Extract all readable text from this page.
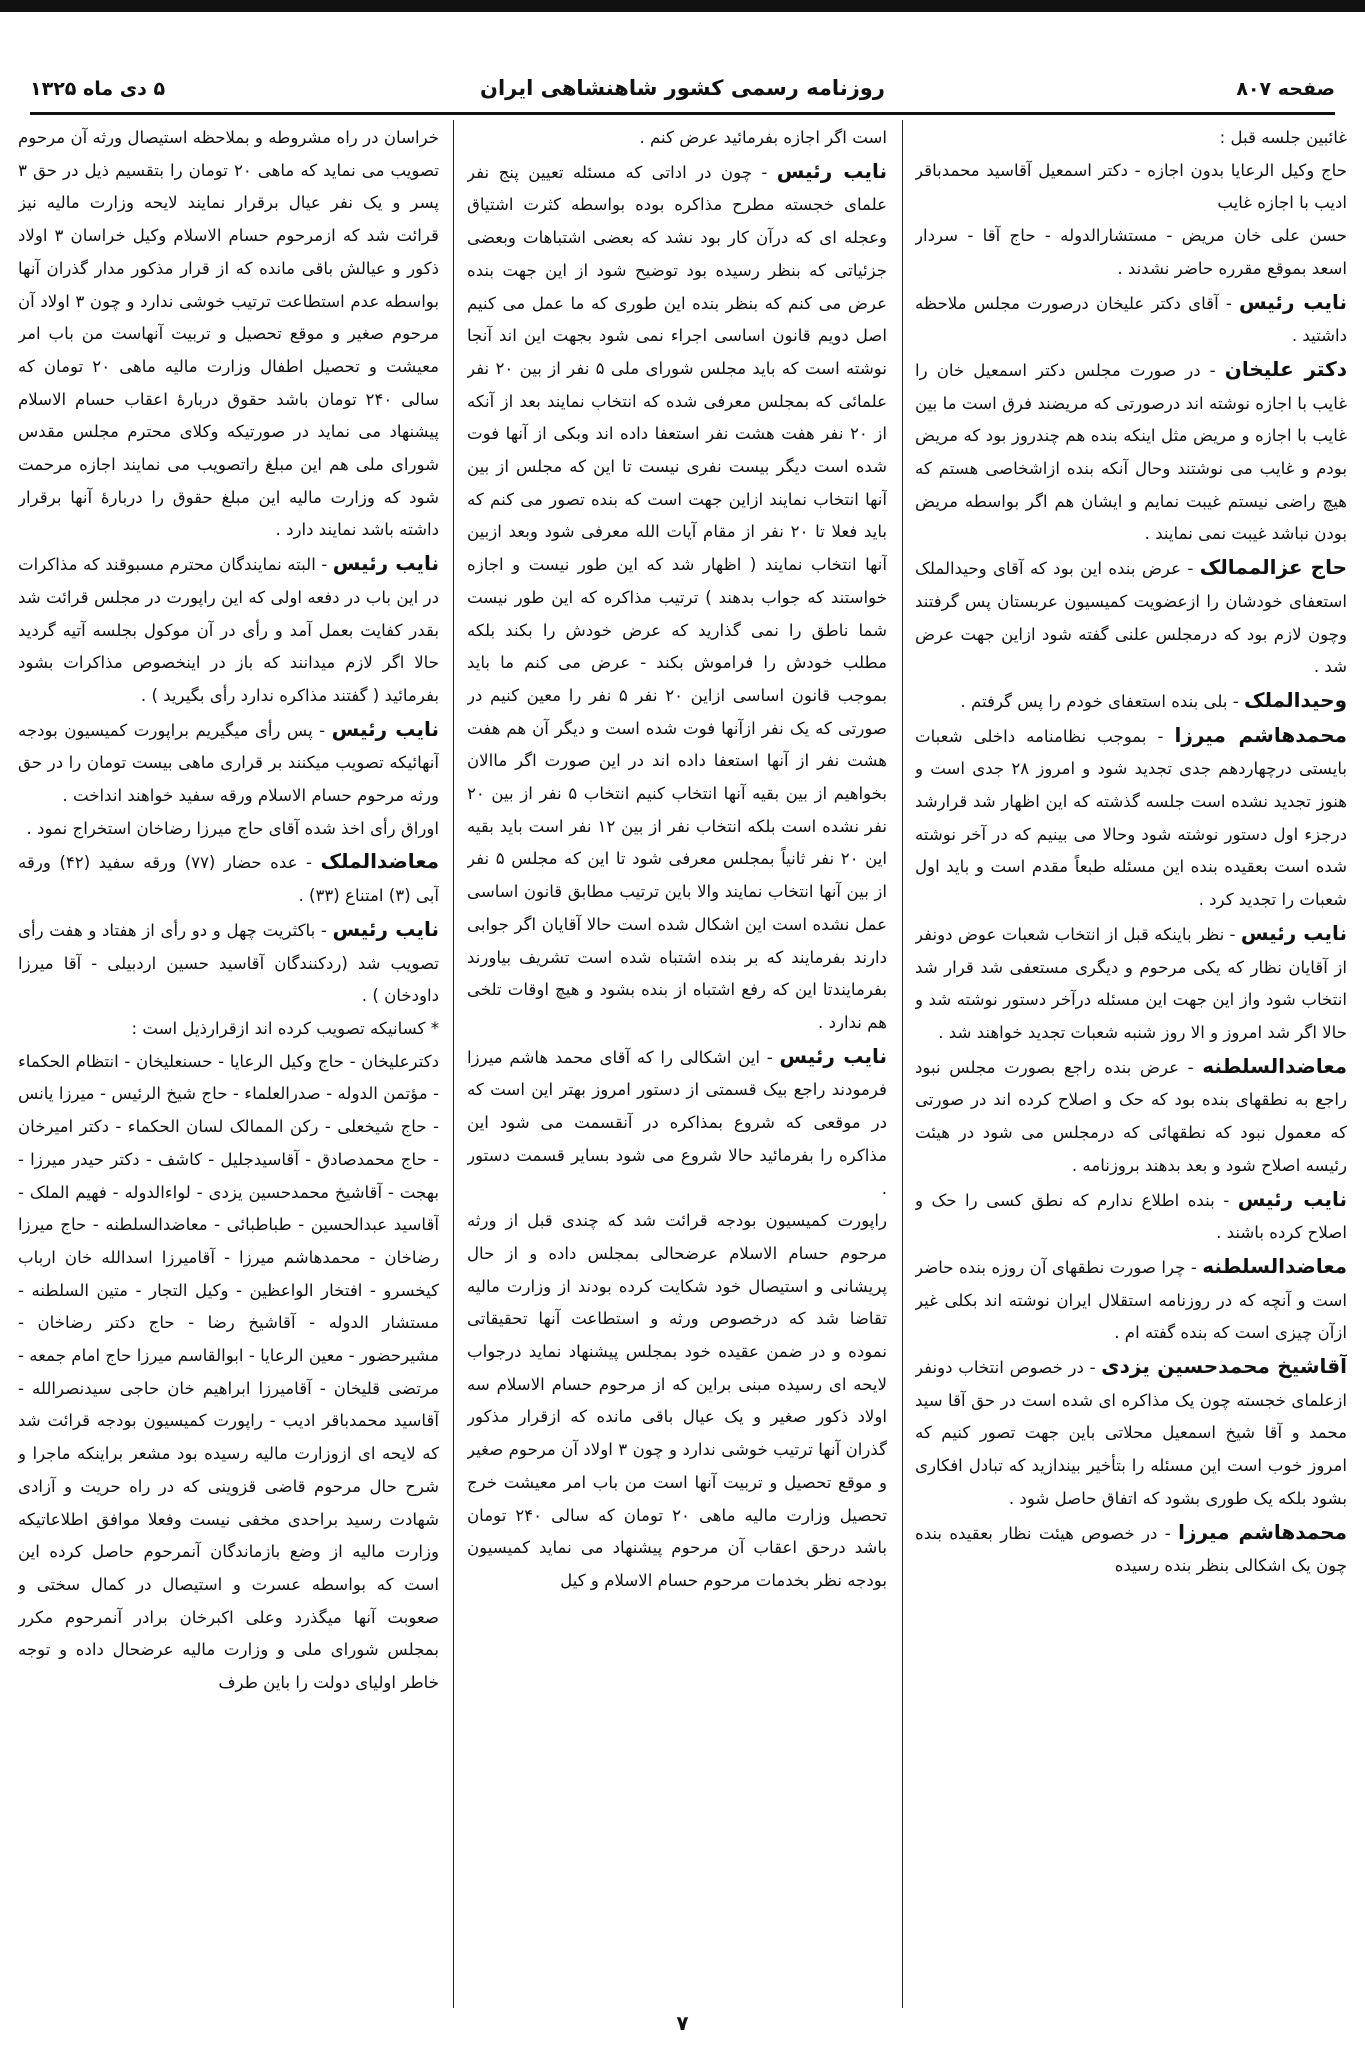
صفحه ۸۰۷
روزنامه رسمی کشور شاهنشاهی ایران
۵ دی ماه ۱۳۲۵

غائبین جلسه قبل :

حاج وکیل الرعایا بدون اجازه - دکتر اسمعیل آقاسید محمدباقر ادیب با اجازه غایب

حسن علی خان مریض - مستشارالدوله - حاج آقا - سردار اسعد بموقع مقرره حاضر نشدند .

نایب رئیس - آقای دکتر علیخان درصورت مجلس ملاحظه داشتید .

دکتر علیخان - در صورت مجلس دکتر اسمعیل خان را غایب با اجازه نوشته اند درصورتی که مریضند فرق است ما بین غایب با اجازه و مریض مثل اینکه بنده هم چندروز بود که مریض بودم و غایب می نوشتند وحال آنکه بنده ازاشخاصی هستم که هیچ راضی نیستم غیبت نمایم و ایشان هم اگر بواسطه مریض بودن نباشد غیبت نمی نمایند .

حاج عزالممالک - عرض بنده این بود که آقای وحیدالملک استعفای خودشان را ازعضویت کمیسیون عربستان پس گرفتند وچون لازم بود که درمجلس علنی گفته شود ازاین جهت عرض شد .

وحیدالملک - بلی بنده استعفای خودم را پس گرفتم .

محمدهاشم میرزا - بموجب نظامنامه داخلی شعبات بایستی درچهاردهم جدی تجدید شود و امروز ۲۸ جدی است و هنوز تجدید نشده است جلسه گذشته که این اظهار شد قرارشد درجزء اول دستور نوشته شود وحالا می بینیم که در آخر نوشته شده است بعقیده بنده این مسئله طبعاً مقدم است و باید اول شعبات را تجدید کرد .

نایب رئیس - نظر باینکه قبل از انتخاب شعبات عوض دونفر از آقایان نظار که یکی مرحوم و دیگری مستعفی شد قرار شد انتخاب شود واز این جهت این مسئله درآخر دستور نوشته شد و حالا اگر شد امروز و الا روز شنبه شعبات تجدید خواهند شد .

معاضدالسلطنه - عرض بنده راجع بصورت مجلس نبود راجع به نطقهای بنده بود که حک و اصلاح کرده اند در صورتی که معمول نبود که نطقهائی که درمجلس می شود در هیئت رئیسه اصلاح شود و بعد بدهند بروزنامه .

نایب رئیس - بنده اطلاع ندارم که نطق کسی را حک و اصلاح کرده باشند .

معاضدالسلطنه - چرا صورت نطقهای آن روزه بنده حاضر است و آنچه که در روزنامه استقلال ایران نوشته اند بکلی غیر ازآن چیزی است که بنده گفته ام .

آقاشیخ محمدحسین یزدی - در خصوص انتخاب دونفر ازعلمای خجسته چون یک مذاکره ای شده است در حق آقا سید محمد و آقا شیخ اسمعیل محلاتی باین جهت تصور کنیم که امروز خوب است این مسئله را بتأخیر بیندازید که تبادل افکاری بشود بلکه یک طوری بشود که اتفاق حاصل شود .

محمدهاشم میرزا - در خصوص هیئت نظار بعقیده بنده چون یک اشکالی بنظر بنده رسیده

است اگر اجازه بفرمائید عرض کنم .

نایب رئیس - چون در اداتی که مسئله تعیین پنج نفر علمای خجسته مطرح مذاکره بوده بواسطه کثرت اشتیاق وعجله ای که درآن کار بود نشد که بعضی اشتباهات وبعضی جزئیاتی که بنظر رسیده بود توضیح شود از این جهت بنده عرض می کنم که بنظر بنده این طوری که ما عمل می کنیم اصل دویم قانون اساسی اجراء نمی شود بجهت این اند آنجا نوشته است که باید مجلس شورای ملی ۵ نفر از بین ۲۰ نفر علمائی که بمجلس معرفی شده که انتخاب نمایند بعد از آنکه از ۲۰ نفر هفت هشت نفر استعفا داده اند وبکی از آنها فوت شده است دیگر بیست نفری نیست تا این که مجلس از بین آنها انتخاب نمایند ازاین جهت است که بنده تصور می کنم که باید فعلا تا ۲۰ نفر از مقام آیات الله معرفی شود وبعد ازبین آنها انتخاب نمایند ( اظهار شد که این طور نیست و اجازه خواستند که جواب بدهند ) ترتیب مذاکره که این طور نیست شما ناطق را نمی گذارید که عرض خودش را بکند بلکه مطلب خودش را فراموش بکند - عرض می کنم ما باید بموجب قانون اساسی ازاین ۲۰ نفر ۵ نفر را معین کنیم در صورتی که یک نفر ازآنها فوت شده است و دیگر آن هم هفت هشت نفر از آنها استعفا داده اند در این صورت اگر ماالان بخواهیم از بین بقیه آنها انتخاب کنیم انتخاب ۵ نفر از بین ۲۰ نفر نشده است بلکه انتخاب نفر از بین ۱۲ نفر است باید بقیه این ۲۰ نفر ثانیاً بمجلس معرفی شود تا این که مجلس ۵ نفر از بین آنها انتخاب نمایند والا باین ترتیب مطابق قانون اساسی عمل نشده است این اشکال شده است حالا آقایان اگر جوابی دارند بفرمایند که بر بنده اشتباه شده است تشریف بیاورند بفرمایندتا این که رفع اشتباه از بنده بشود و هیچ اوقات تلخی هم ندارد .

نایب رئیس - این اشکالی را که آقای محمد هاشم میرزا فرمودند راجع بیک قسمتی از دستور امروز بهتر این است که در موقعی که شروع بمذاکره در آنقسمت می شود این مذاکره را بفرمائید حالا شروع می شود بسایر قسمت دستور .

راپورت کمیسیون بودجه قرائت شد که چندی قبل از ورثه مرحوم حسام الاسلام عرضحالی بمجلس داده و از حال پریشانی و استیصال خود شکایت کرده بودند از وزارت مالیه تقاضا شد که درخصوص ورثه و استطاعت آنها تحقیقاتی نموده و در ضمن عقیده خود بمجلس پیشنهاد نماید درجواب لایحه ای رسیده مبنی براین که از مرحوم حسام الاسلام سه اولاد ذکور صغیر و یک عیال باقی مانده که ازقرار مذکور گذران آنها ترتیب خوشی ندارد و چون ۳ اولاد آن مرحوم صغیر و موقع تحصیل و تربیت آنها است من باب امر معیشت خرج تحصیل وزارت مالیه ماهی ۲۰ تومان که سالی ۲۴۰ تومان باشد درحق اعقاب آن مرحوم پیشنهاد می نماید کمیسیون بودجه نظر بخدمات مرحوم حسام الاسلام و کیل

خراسان در راه مشروطه و بملاحظه استیصال ورثه آن مرحوم تصویب می نماید که ماهی ۲۰ تومان را بتقسیم ذیل در حق ۳ پسر و یک نفر عیال برقرار نمایند لایحه وزارت مالیه نیز قرائت شد که ازمرحوم حسام الاسلام وکیل خراسان ۳ اولاد ذکور و عیالش باقی مانده که از قرار مذکور مدار گذران آنها بواسطه عدم استطاعت ترتیب خوشی ندارد و چون ۳ اولاد آن مرحوم صغیر و موقع تحصیل و تربیت آنهاست من باب امر معیشت و تحصیل اطفال وزارت مالیه ماهی ۲۰ تومان که سالی ۲۴۰ تومان باشد حقوق دربارهٔ اعقاب حسام الاسلام پیشنهاد می نماید در صورتیکه وکلای محترم مجلس مقدس شورای ملی هم این مبلغ راتصویب می نمایند اجازه مرحمت شود که وزارت مالیه این مبلغ حقوق را دربارهٔ آنها برقرار داشته باشد نمایند دارد .

نایب رئیس - البته نمایندگان محترم مسبوقند که مذاکرات در این باب در دفعه اولی که این راپورت در مجلس قرائت شد بقدر کفایت بعمل آمد و رأی در آن موکول بجلسه آتیه گردید حالا اگر لازم میدانند که باز در اینخصوص مذاکرات بشود بفرمائید ( گفتند مذاکره ندارد رأی بگیرید ) .

نایب رئیس - پس رأی میگیریم براپورت کمیسیون بودجه آنهائیکه تصویب میکنند بر قراری ماهی بیست تومان را در حق ورثه مرحوم حسام الاسلام ورقه سفید خواهند انداخت .

اوراق رأی اخذ شده آقای حاج میرزا رضاخان استخراج نمود .

معاضدالملک - عده حضار (۷۷) ورقه سفید (۴۲) ورقه آبی (۳) امتناع (۳۳) .

نایب رئیس - باکثریت چهل و دو رأی از هفتاد و هفت رأی تصویب شد (ردکنندگان آقاسید حسین اردبیلی - آقا میرزا داودخان ) .

* کسانیکه تصویب کرده اند ازقرارذیل است :

دکترعلیخان - حاج وکیل الرعایا - حسنعلیخان - انتظام الحکماء - مؤتمن الدوله - صدرالعلماء - حاج شیخ الرئیس - میرزا یانس - حاج شیخعلی - رکن الممالک لسان الحکماء - دکتر امیرخان - حاج محمدصادق - آقاسیدجلیل - کاشف - دکتر حیدر میرزا - بهجت - آقاشیخ محمدحسین یزدی - لواءالدوله - فهیم الملک - آقاسید عبدالحسین - طباطبائی - معاضدالسلطنه - حاج میرزا رضاخان - محمدهاشم میرزا - آقامیرزا اسدالله خان ارباب کیخسرو - افتخار الواعظین - وکیل التجار - متین السلطنه - مستشار الدوله - آقاشیخ رضا - حاج دکتر رضاخان - مشیرحضور - معین الرعایا - ابوالقاسم میرزا حاج امام جمعه - مرتضی قلیخان - آقامیرزا ابراهیم خان حاجی سیدنصرالله - آقاسید محمدباقر ادیب - راپورت کمیسیون بودجه قرائت شد که لایحه ای ازوزارت مالیه رسیده بود مشعر براینکه ماجرا و شرح حال مرحوم قاضی قزوینی که در راه حریت و آزادی شهادت رسید براحدی مخفی نیست وفعلا موافق اطلاعاتیکه وزارت مالیه از وضع بازماندگان آنمرحوم حاصل کرده این است که بواسطه عسرت و استیصال در کمال سختی و صعوبت آنها میگذرد وعلی اکبرخان برادر آنمرحوم مکرر بمجلس شورای ملی و وزارت مالیه عرضحال داده و توجه خاطر اولیای دولت را باین طرف

۷
